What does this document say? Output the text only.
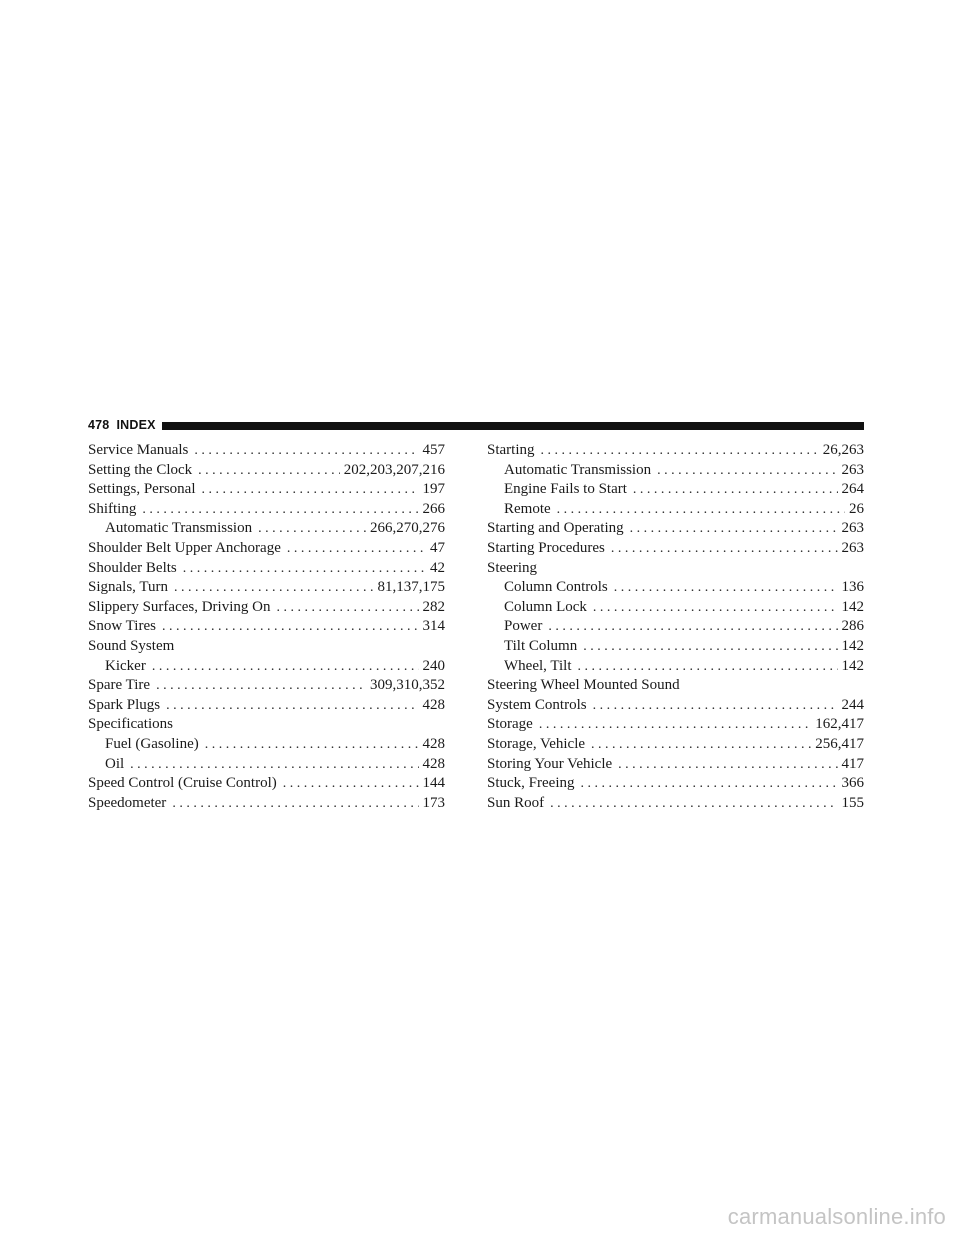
478 INDEX
Service Manuals . . .	457
Setting the Clock . . .	202,203,207,216
Settings, Personal . . .	197
Shifting . . .	266
Automatic Transmission . . .	266,270,276
Shoulder Belt Upper Anchorage . . .	47
Shoulder Belts . . .	42
Signals, Turn . . .	81,137,175
Slippery Surfaces, Driving On . . .	282
Snow Tires . . .	314
Sound System
Kicker . . .	240
Spare Tire . . .	309,310,352
Spark Plugs . . .	428
Specifications
Fuel (Gasoline) . . .	428
Oil . . .	428
Speed Control (Cruise Control) . . .	144
Speedometer . . .	173
Starting . . .	26,263
Automatic Transmission . . .	263
Engine Fails to Start . . .	264
Remote . . .	26
Starting and Operating . . .	263
Starting Procedures . . .	263
Steering
Column Controls . . .	136
Column Lock . . .	142
Power . . .	286
Tilt Column . . .	142
Wheel, Tilt . . .	142
Steering Wheel Mounted Sound
System Controls . . .	244
Storage . . .	162,417
Storage, Vehicle . . .	256,417
Storing Your Vehicle . . .	417
Stuck, Freeing . . .	366
Sun Roof . . .	155
carmanualsonline.info
